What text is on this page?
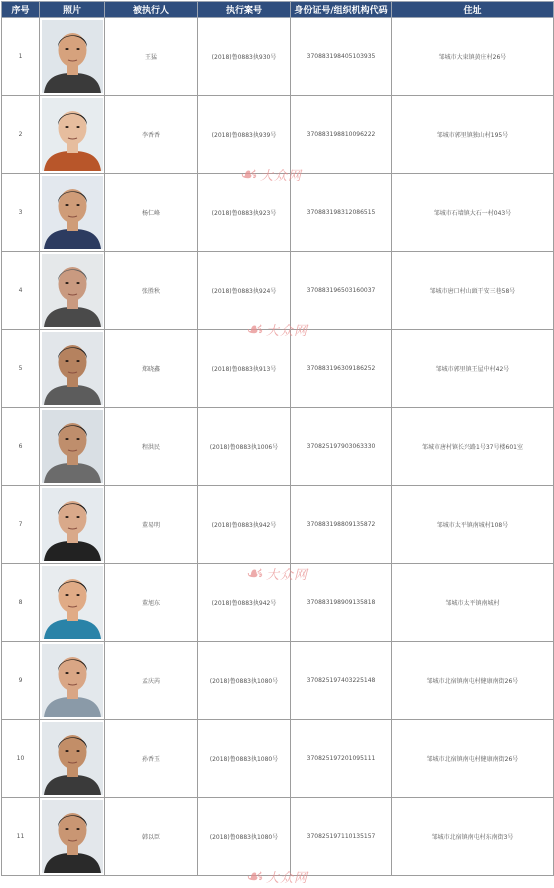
序号	照片	被执行人	执行案号	身份证号/组织机构代码	住址
1		王猛	(2018)鲁0883执930号	370883198405103935	邹城市大束镇黄庄村26号
2		李香香	(2018)鲁0883执939号	370883198810096222	邹城市郭里镇独山村195号
3		杨仁峰	(2018)鲁0883执923号	370883198312086515	邹城市石墙镇大石一村043号
4		张胜秋	(2018)鲁0883执924号	370883196503160037	邹城市唐口村山頭干安三巷58号
5		郑晓鑫	(2018)鲁0883执913号	370883196309186252	邹城市郭里镇王屋中村42号
6		程洪民	(2018)鲁0883执1006号	370825197903063330	邹城市唐村镇长兴路1号37号楼601室
7		董易明	(2018)鲁0883执942号	370883198809135872	邹城市太平镇南城村108号
8		董旭东	(2018)鲁0883执942号	370883198909135818	邹城市太平镇南城村
9		孟庆芮	(2018)鲁0883执1080号	370825197403225148	邹城市北宿镇南屯村健康南街26号
10		孙香玉	(2018)鲁0883执1080号	370825197201095111	邹城市北宿镇南屯村健康南街26号
11		韩以臣	(2018)鲁0883执1080号	370825197110135157	邹城市北宿镇南屯村东南街3号
☙ 大众网
☙ 大众网
☙ 大众网
☙ 大众网
